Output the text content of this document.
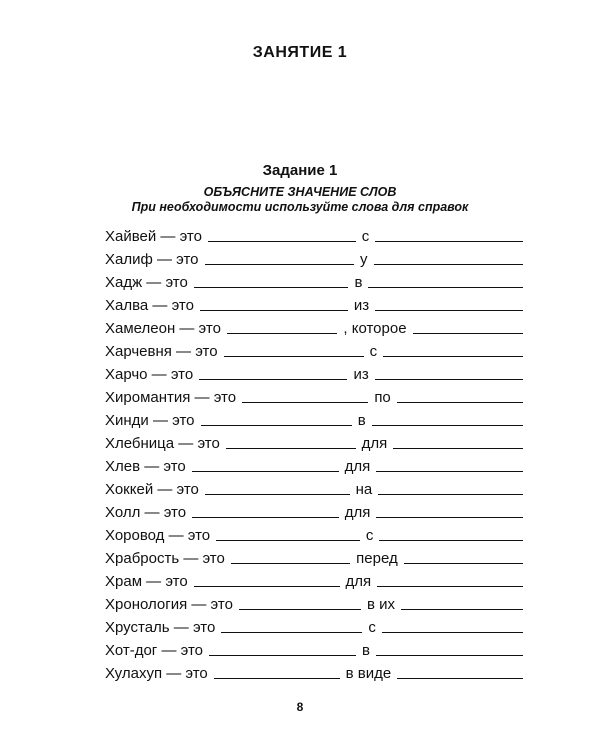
ЗАНЯТИЕ 1
Задание 1
ОБЪЯСНИТЕ ЗНАЧЕНИЕ СЛОВ
При необходимости используйте слова для справок
Хайвей — это	с
Халиф — это	у
Хадж — это	в
Халва — это	из
Хамелеон — это	, которое
Харчевня — это	с
Харчо — это	из
Хиромантия — это	по
Хинди — это	в
Хлебница — это	для
Хлев — это	для
Хоккей — это	на
Холл — это	для
Хоровод — это	с
Храбрость — это	перед
Храм — это	для
Хронология — это	в их
Хрусталь — это	с
Хот-дог — это	в
Хулахуп — это	в виде
8
